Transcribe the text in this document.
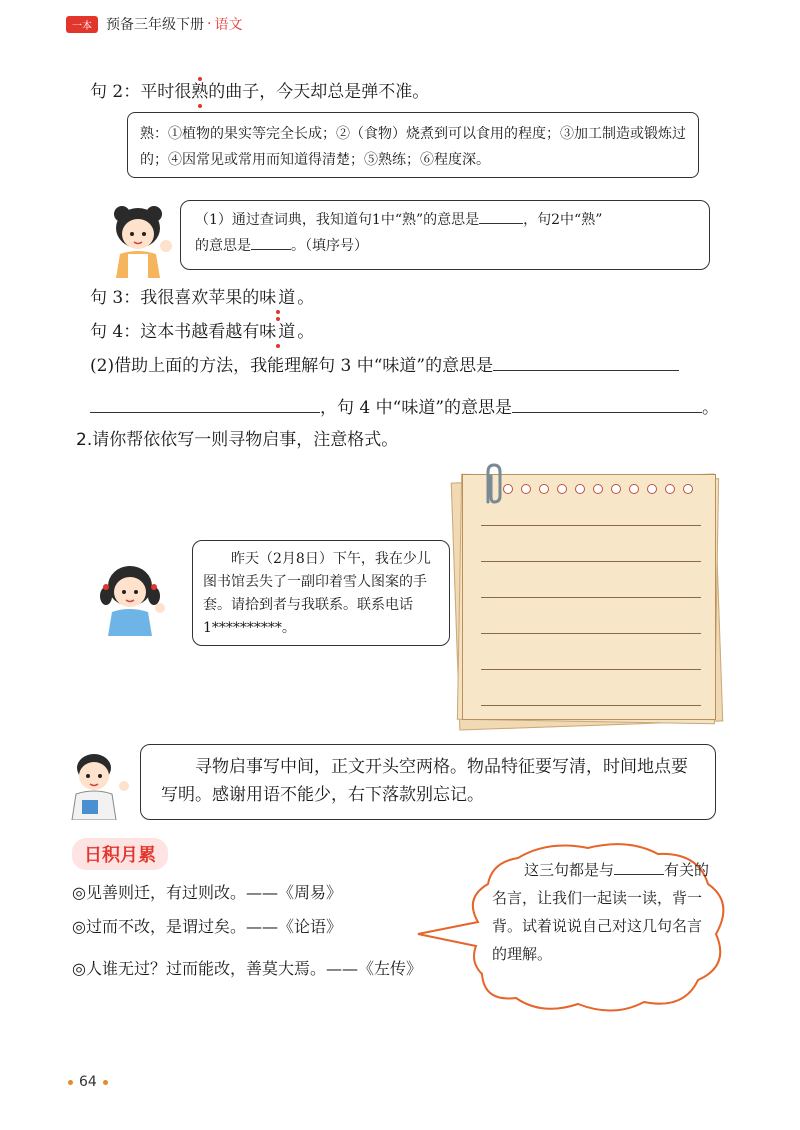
一本	预备三年级下册 · 语文
句 2：平时很熟的曲子，今天却总是弹不准。
熟：①植物的果实等完全长成；②（食物）烧煮到可以食用的程度；③加工制造或锻炼过的；④因常见或常用而知道得清楚；⑤熟练；⑥程度深。
（1）通过查词典，我知道句1中“熟”的意思是	，句2中“熟”
的意思是	。（填序号）
句 3：我很喜欢苹果的味道。
句 4：这本书越看越有味道。
(2)借助上面的方法，我能理解句 3 中“味道”的意思是
，句 4 中“味道”的意思是	。
2.请你帮依依写一则寻物启事，注意格式。
　　昨天（2月8日）下午，我在少儿图书馆丢失了一副印着雪人图案的手套。请拾到者与我联系。联系电话1**********。
　　寻物启事写中间，正文开头空两格。物品特征要写清，时间地点要写明。感谢用语不能少，右下落款别忘记。
日积月累
◎见善则迁，有过则改。——《周易》
◎过而不改，是谓过矣。——《论语》
◎人谁无过？过而能改，善莫大焉。——《左传》
这三句都是与	有关的名言，让我们一起读一读，背一背。试着说说自己对这几句名言的理解。
64
